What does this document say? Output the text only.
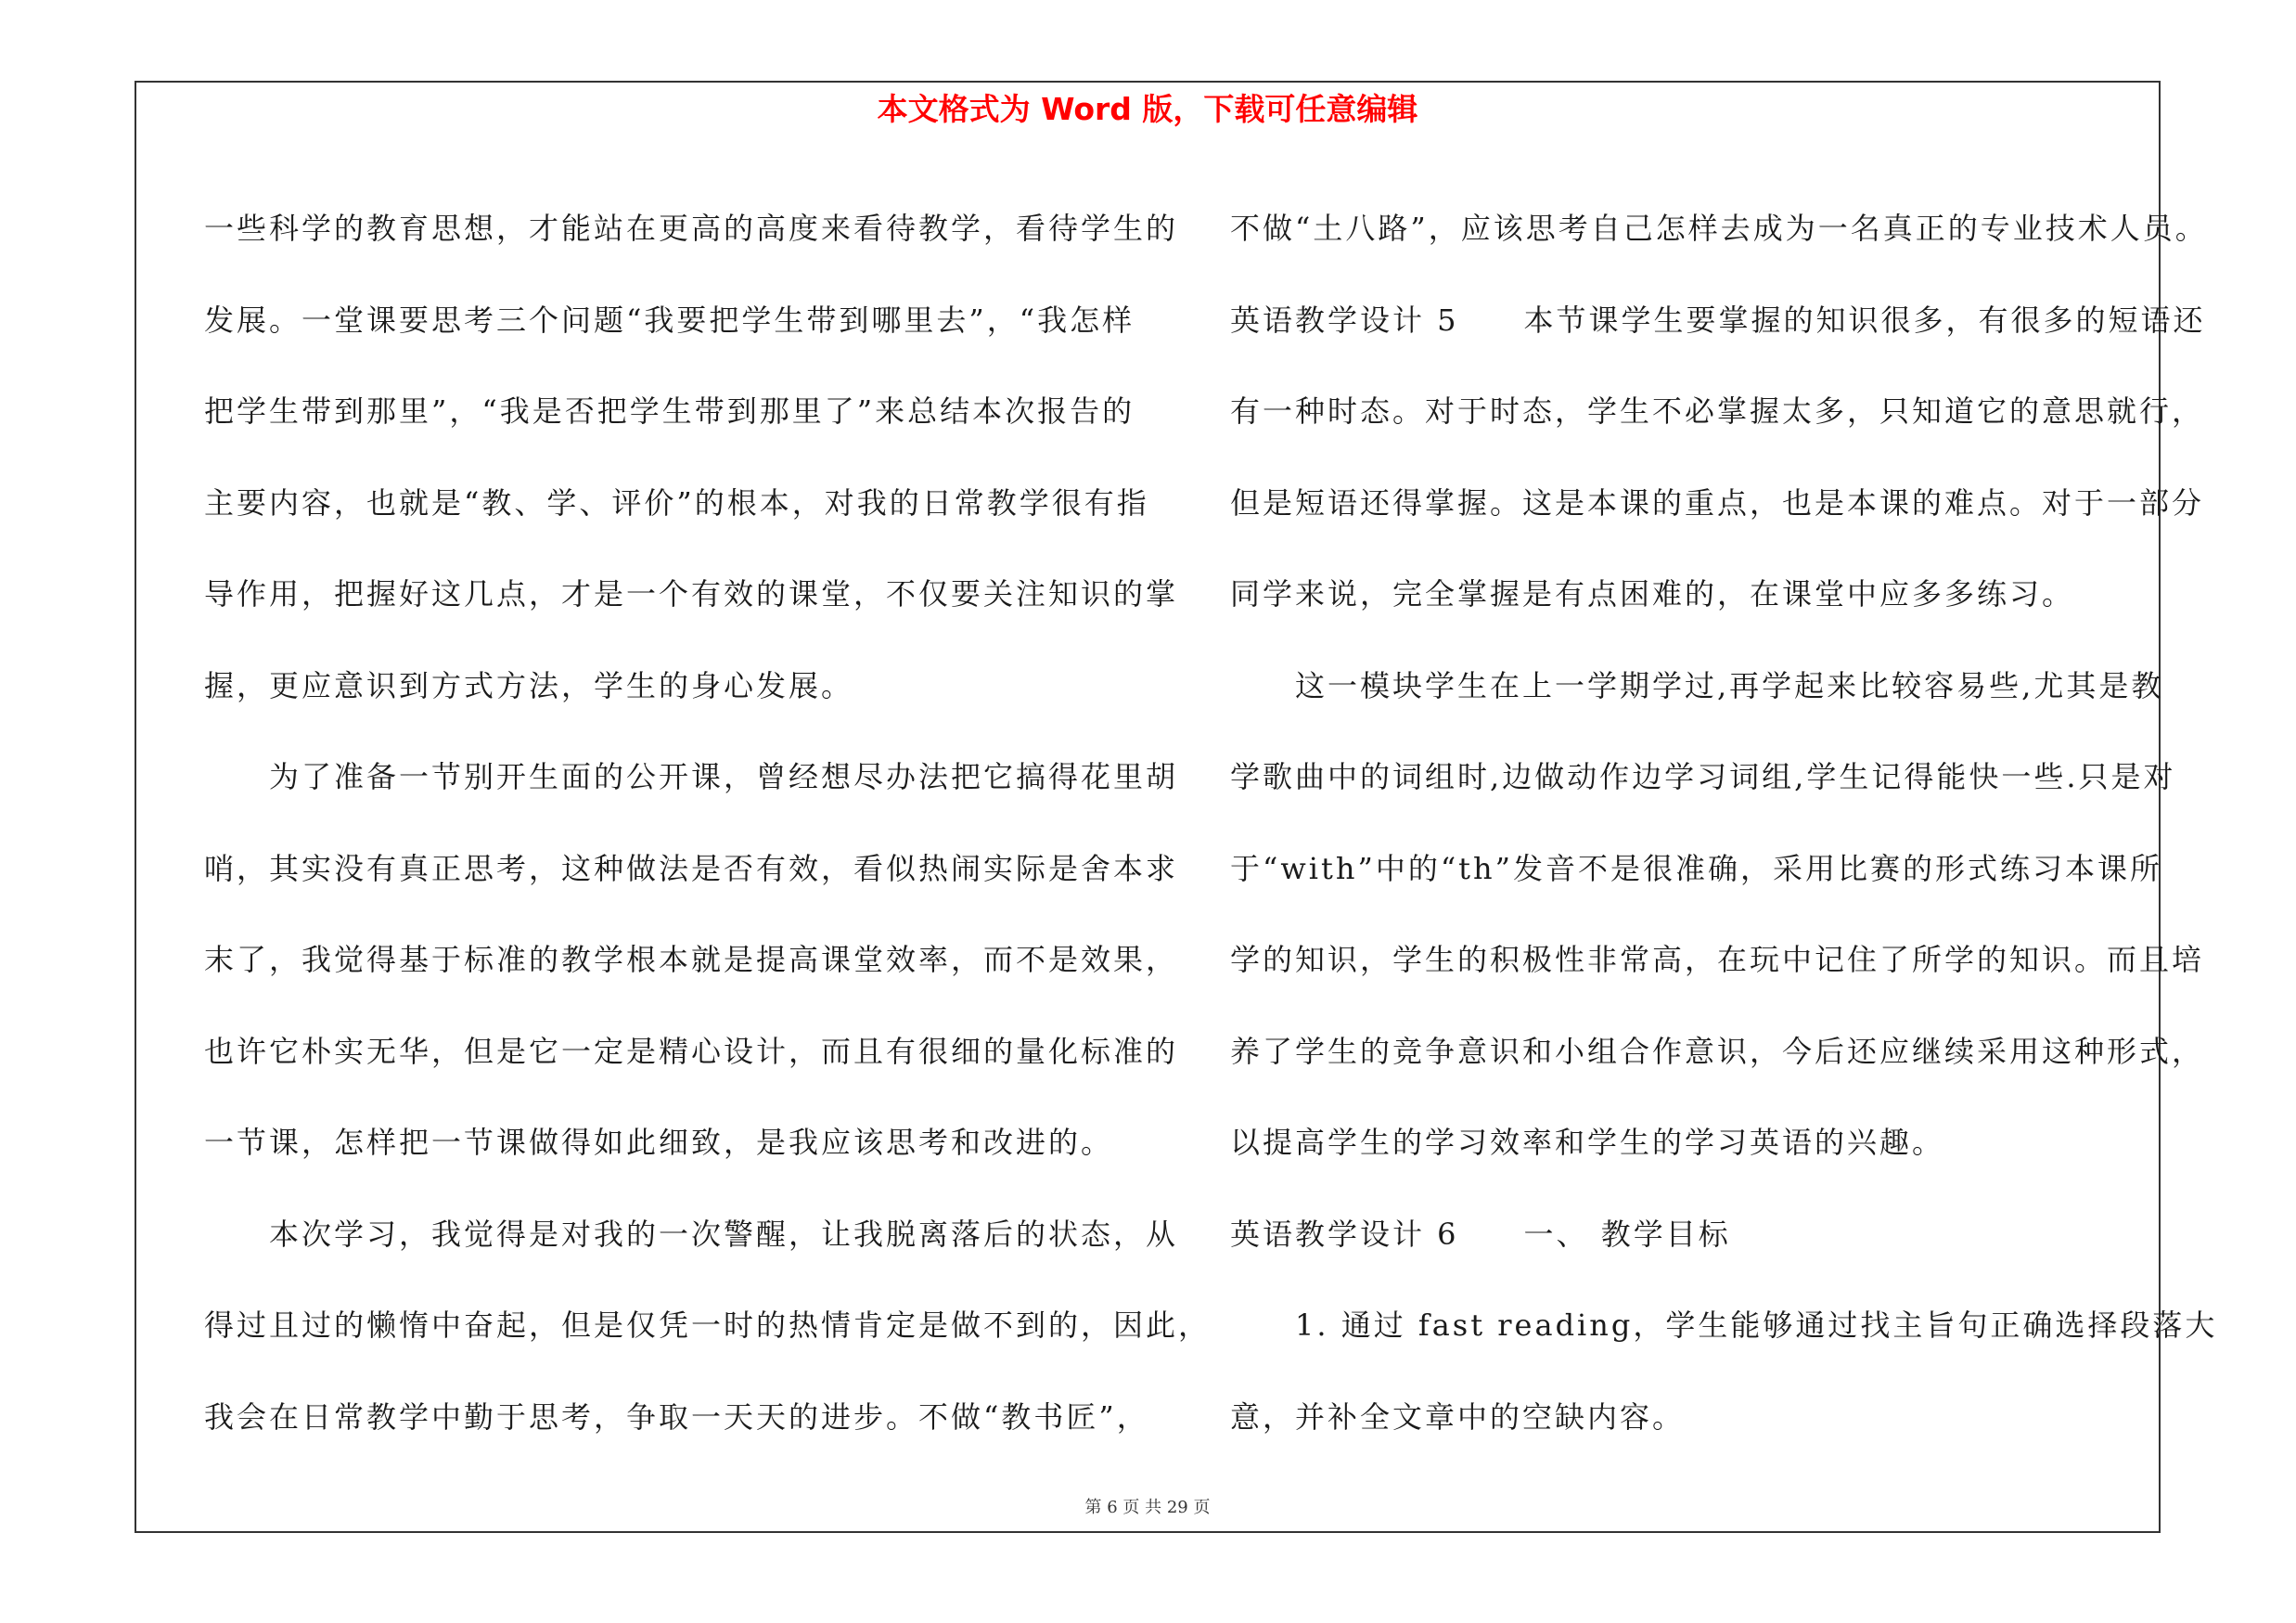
本文格式为 Word 版，下载可任意编辑
一些科学的教育思想，才能站在更高的高度来看待教学，看待学生的
发展。一堂课要思考三个问题“我要把学生带到哪里去”，“我怎样
把学生带到那里”，“我是否把学生带到那里了”来总结本次报告的
主要内容，也就是“教、学、评价”的根本，对我的日常教学很有指
导作用，把握好这几点，才是一个有效的课堂，不仅要关注知识的掌
握，更应意识到方式方法，学生的身心发展。
　　为了准备一节别开生面的公开课，曾经想尽办法把它搞得花里胡
哨，其实没有真正思考，这种做法是否有效，看似热闹实际是舍本求
末了，我觉得基于标准的教学根本就是提高课堂效率，而不是效果，
也许它朴实无华，但是它一定是精心设计，而且有很细的量化标准的
一节课，怎样把一节课做得如此细致，是我应该思考和改进的。
　　本次学习，我觉得是对我的一次警醒，让我脱离落后的状态，从
得过且过的懒惰中奋起，但是仅凭一时的热情肯定是做不到的，因此，
我会在日常教学中勤于思考，争取一天天的进步。不做“教书匠”，
不做“土八路”，应该思考自己怎样去成为一名真正的专业技术人员。
英语教学设计 5　　本节课学生要掌握的知识很多，有很多的短语还
有一种时态。对于时态，学生不必掌握太多，只知道它的意思就行，
但是短语还得掌握。这是本课的重点，也是本课的难点。对于一部分
同学来说，完全掌握是有点困难的，在课堂中应多多练习。
　　这一模块学生在上一学期学过,再学起来比较容易些,尤其是教
学歌曲中的词组时,边做动作边学习词组,学生记得能快一些.只是对
于“with”中的“th”发音不是很准确，采用比赛的形式练习本课所
学的知识，学生的积极性非常高，在玩中记住了所学的知识。而且培
养了学生的竞争意识和小组合作意识，今后还应继续采用这种形式，
以提高学生的学习效率和学生的学习英语的兴趣。
英语教学设计 6　　一、 教学目标
　　1. 通过 fast reading，学生能够通过找主旨句正确选择段落大
意，并补全文章中的空缺内容。
第 6 页 共 29 页
